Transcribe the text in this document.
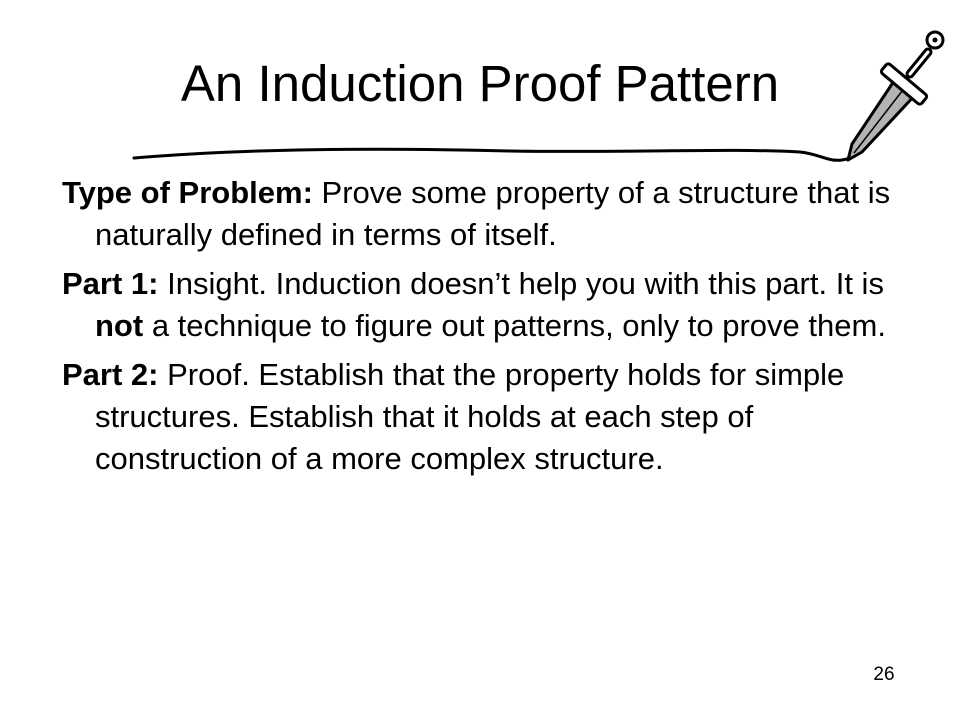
An Induction Proof Pattern

Type of Problem: Prove some property of a structure that is naturally defined in terms of itself.

Part 1: Insight. Induction doesn’t help you with this part. It is not a technique to figure out patterns, only to prove them.

Part 2: Proof. Establish that the property holds for simple structures. Establish that it holds at each step of construction of a more complex structure.

26
